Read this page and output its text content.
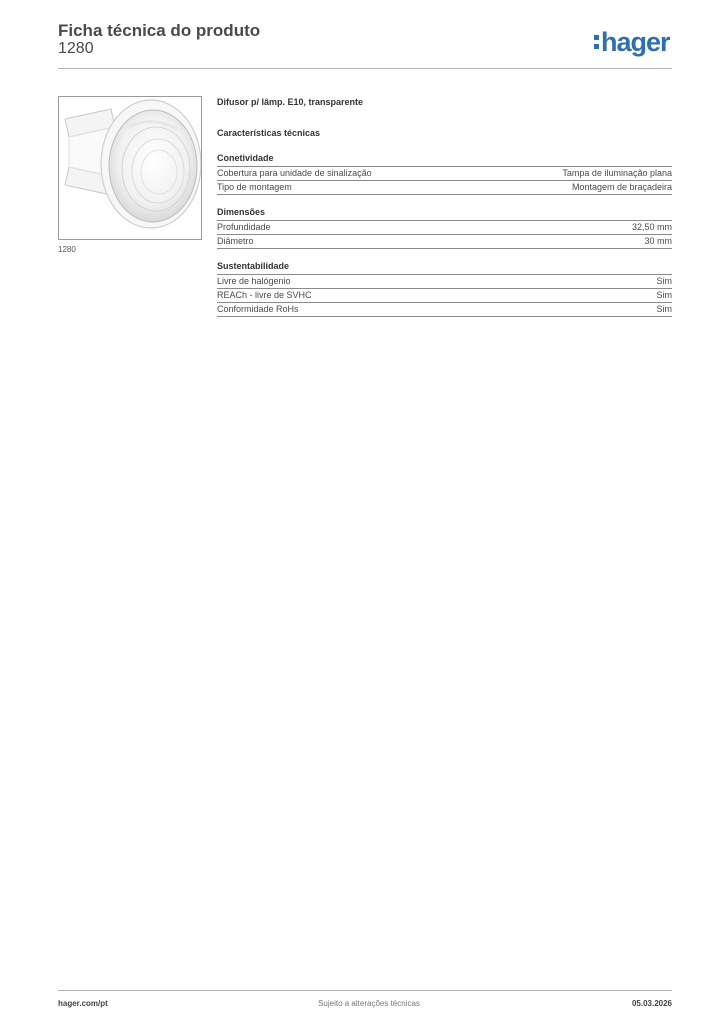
Ficha técnica do produto
1280	hager
1280
Difusor p/ lâmp. E10, transparente
Características técnicas
Conetividade
Cobertura para unidade de sinalização	Tampa de iluminação plana
Tipo de montagem	Montagem de braçadeira
Dimensões
Profundidade	32,50 mm
Diâmetro	30 mm
Sustentabilidade
Livre de halógenio	Sim
REACh - livre de SVHC	Sim
Conformidade RoHs	Sim
hager.com/pt	Sujeito a alterações técnicas	05.03.2026
